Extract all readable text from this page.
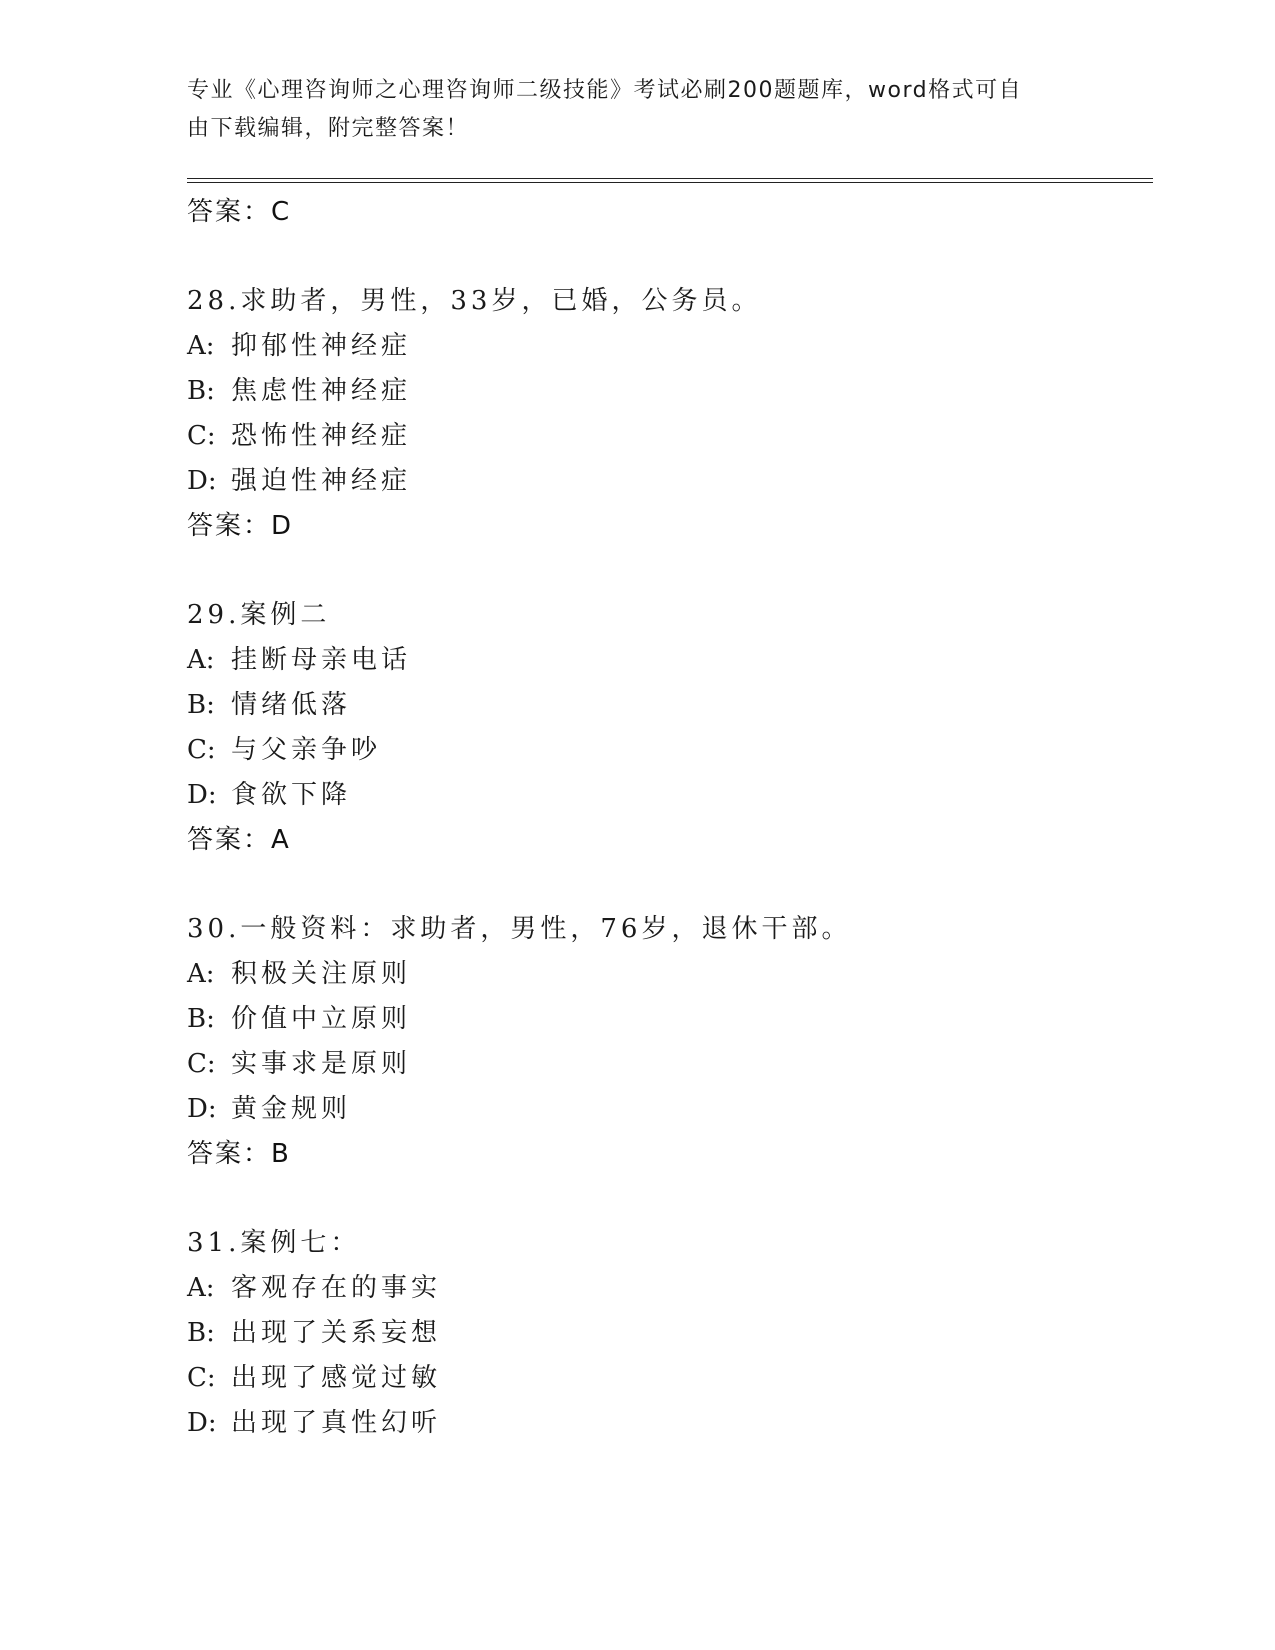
专业《心理咨询师之心理咨询师二级技能》考试必刷200题题库，word格式可自
由下载编辑，附完整答案！
答案：C
28.求助者，男性，33岁，已婚，公务员。
A: 抑郁性神经症
B: 焦虑性神经症
C: 恐怖性神经症
D: 强迫性神经症
答案：D
29.案例二
A: 挂断母亲电话
B: 情绪低落
C: 与父亲争吵
D: 食欲下降
答案：A
30.一般资料：求助者，男性，76岁，退休干部。
A: 积极关注原则
B: 价值中立原则
C: 实事求是原则
D: 黄金规则
答案：B
31.案例七：
A: 客观存在的事实
B: 出现了关系妄想
C: 出现了感觉过敏
D: 出现了真性幻听
